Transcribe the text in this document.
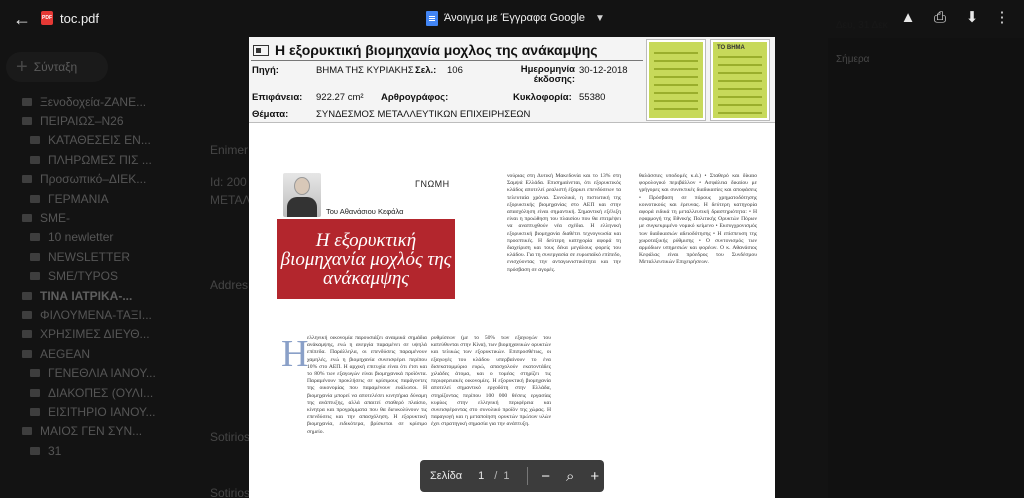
← PDF toc.pdf	Άνοιγμα με Έγγραφα Google ▼	▲ ⎙ ⬇ ⋮
Η εξορυκτική βιομηχανία μοχλος της ανάκαμψης
Πηγή:	ΒΗΜΑ ΤΗΣ ΚΥΡΙΑΚΗΣ Σελ.: 106	Ημερομηνία έκδοσης:
30-12-2018
Επιφάνεια: 922.27 cm² Αρθρογράφος:	Κυκλοφορία: 55380
Θέματα:	ΣΥΝΔΕΣΜΟΣ ΜΕΤΑΛΛΕΥΤΙΚΩΝ ΕΠΙΧΕΙΡΗΣΕΩΝ
ΤΟ ΒΗΜΑ
ΓΝΩΜΗ
Του Αθανάσιου Κεφάλα
Η εξορυκτική βιομηχανία μοχλός της ανάκαμψης
Η

ελληνική οικονομία παρουσιάζει αναιμικά σημάδια ανάκαμψης, ενώ η ανεργία παραμένει σε υψηλά επίπεδα. Παράλληλα, οι επενδύσεις παραμένουν χαμηλές, ενώ η βιομηχανία συνεισφέρει περίπου 10% στο ΑΕΠ. Η αρχική επιτυχία είναι ότι έτσι και το 80% των εξαγωγών είναι βιομηχανικά προϊόντα. Παραμένουν προκλήσεις σε κρίσιμους παράγοντες της οικονομίας που παραμένουν ευάλωτοι. Η βιομηχανία μπορεί να αποτελέσει κινητήρια δύναμη της ανάπτυξης, αλλά απαιτεί σταθερό πλαίσιο, κίνητρα και προγράμματα που θα διευκολύνουν τις επενδύσεις και την απασχόληση. Η εξορυκτική βιομηχανία, ειδικότερα, βρίσκεται σε κρίσιμο σημείο.

ρυθμίσεων (με το 50% των εξαγωγών του κατεύθυνται στην Κίνα), των βιομηχανικών ορυκτών και τελικώς των εξορυκτικών. Επιπροσθέτως, οι εξαγωγές του κλάδου υπερβαίνουν το ένα δισεκατομμύριο ευρώ, απασχολούν εκατοντάδες χιλιάδες άτομα, και ο τομέας στηρίζει τις περιφερειακές οικονομίες. Η εξορυκτική βιομηχανία αποτελεί σημαντικό εργοδότη στην Ελλάδα, στηρίζοντας περίπου 100 000 θέσεις εργασίας κυρίως στην ελληνική περιφέρεια και συνεισφέροντας στο συνολικό προϊόν της χώρας. Η παραγωγή και η μεταποίηση ορυκτών πρώτων υλών έχει στρατηγική σημασία για την ανάπτυξη.

νούριας στη Δυτική Μακεδονία και το 13% στη Σαμψά Ελλάδα. Επισημαίνεται, ότι εξορυκτικός κλάδος αποτελεί ρεαλιστή έξαρκει επενδύσεων τα τελευταία χρόνια. Συνολικά, η πιστωτική της εξορυκτικής βιομηχανίας στο ΑΕΠ και στην απασχόληση είναι σημαντική. Σημαντική εξέλιξη είναι η προώθηση του πλαισίου που θα επιτρέψει να αναπτυχθούν νέα σχέδια. Η ελληνική εξορυκτική βιομηχανία διαθέτει τεχνογνωσία και προοπτικές. Η δεύτερη κατηγορία αφορά τη διαχείριση και τους δέκα μεγάλους φορείς του κλάδου. Για τη συνεργασία σε ευρωπαϊκό επίπεδο, ενισχύοντας την ανταγωνιστικότητα και την πρόσβαση σε αγορές.

θαλάσσιες υποδομές κ.ά.) • Σταθερό και δίκαιο φορολογικό περιβάλλον • Ασφάλεια δικαίου με γρήγορες και συνεκτικές διαδικασίες και αποφάσεις • Πρόσβαση σε πόρους χρηματοδότησης κοινοτικούς και έρευνας. Η δεύτερη κατηγορία αφορά ειδικά τη μεταλλευτική δραστηριότητα: • Η εφαρμογή της Εθνικής Πολιτικής Ορυκτών Πόρων με συγκεκριμένο νομικό κείμενο • Εκσυγχρονισμός των διαδικασιών αδειοδότησης • Η επίσπευση της χωροταξικής ρύθμισης • Ο συντονισμός των αρμόδιων υπηρεσιών και φορέων. Ο κ. Αθανάσιος Κεφάλας είναι πρόεδρος του Συνδέσμου Μεταλλευτικών Επιχειρήσεων.

Σελίδα 1 / 1	−	⌕	+
